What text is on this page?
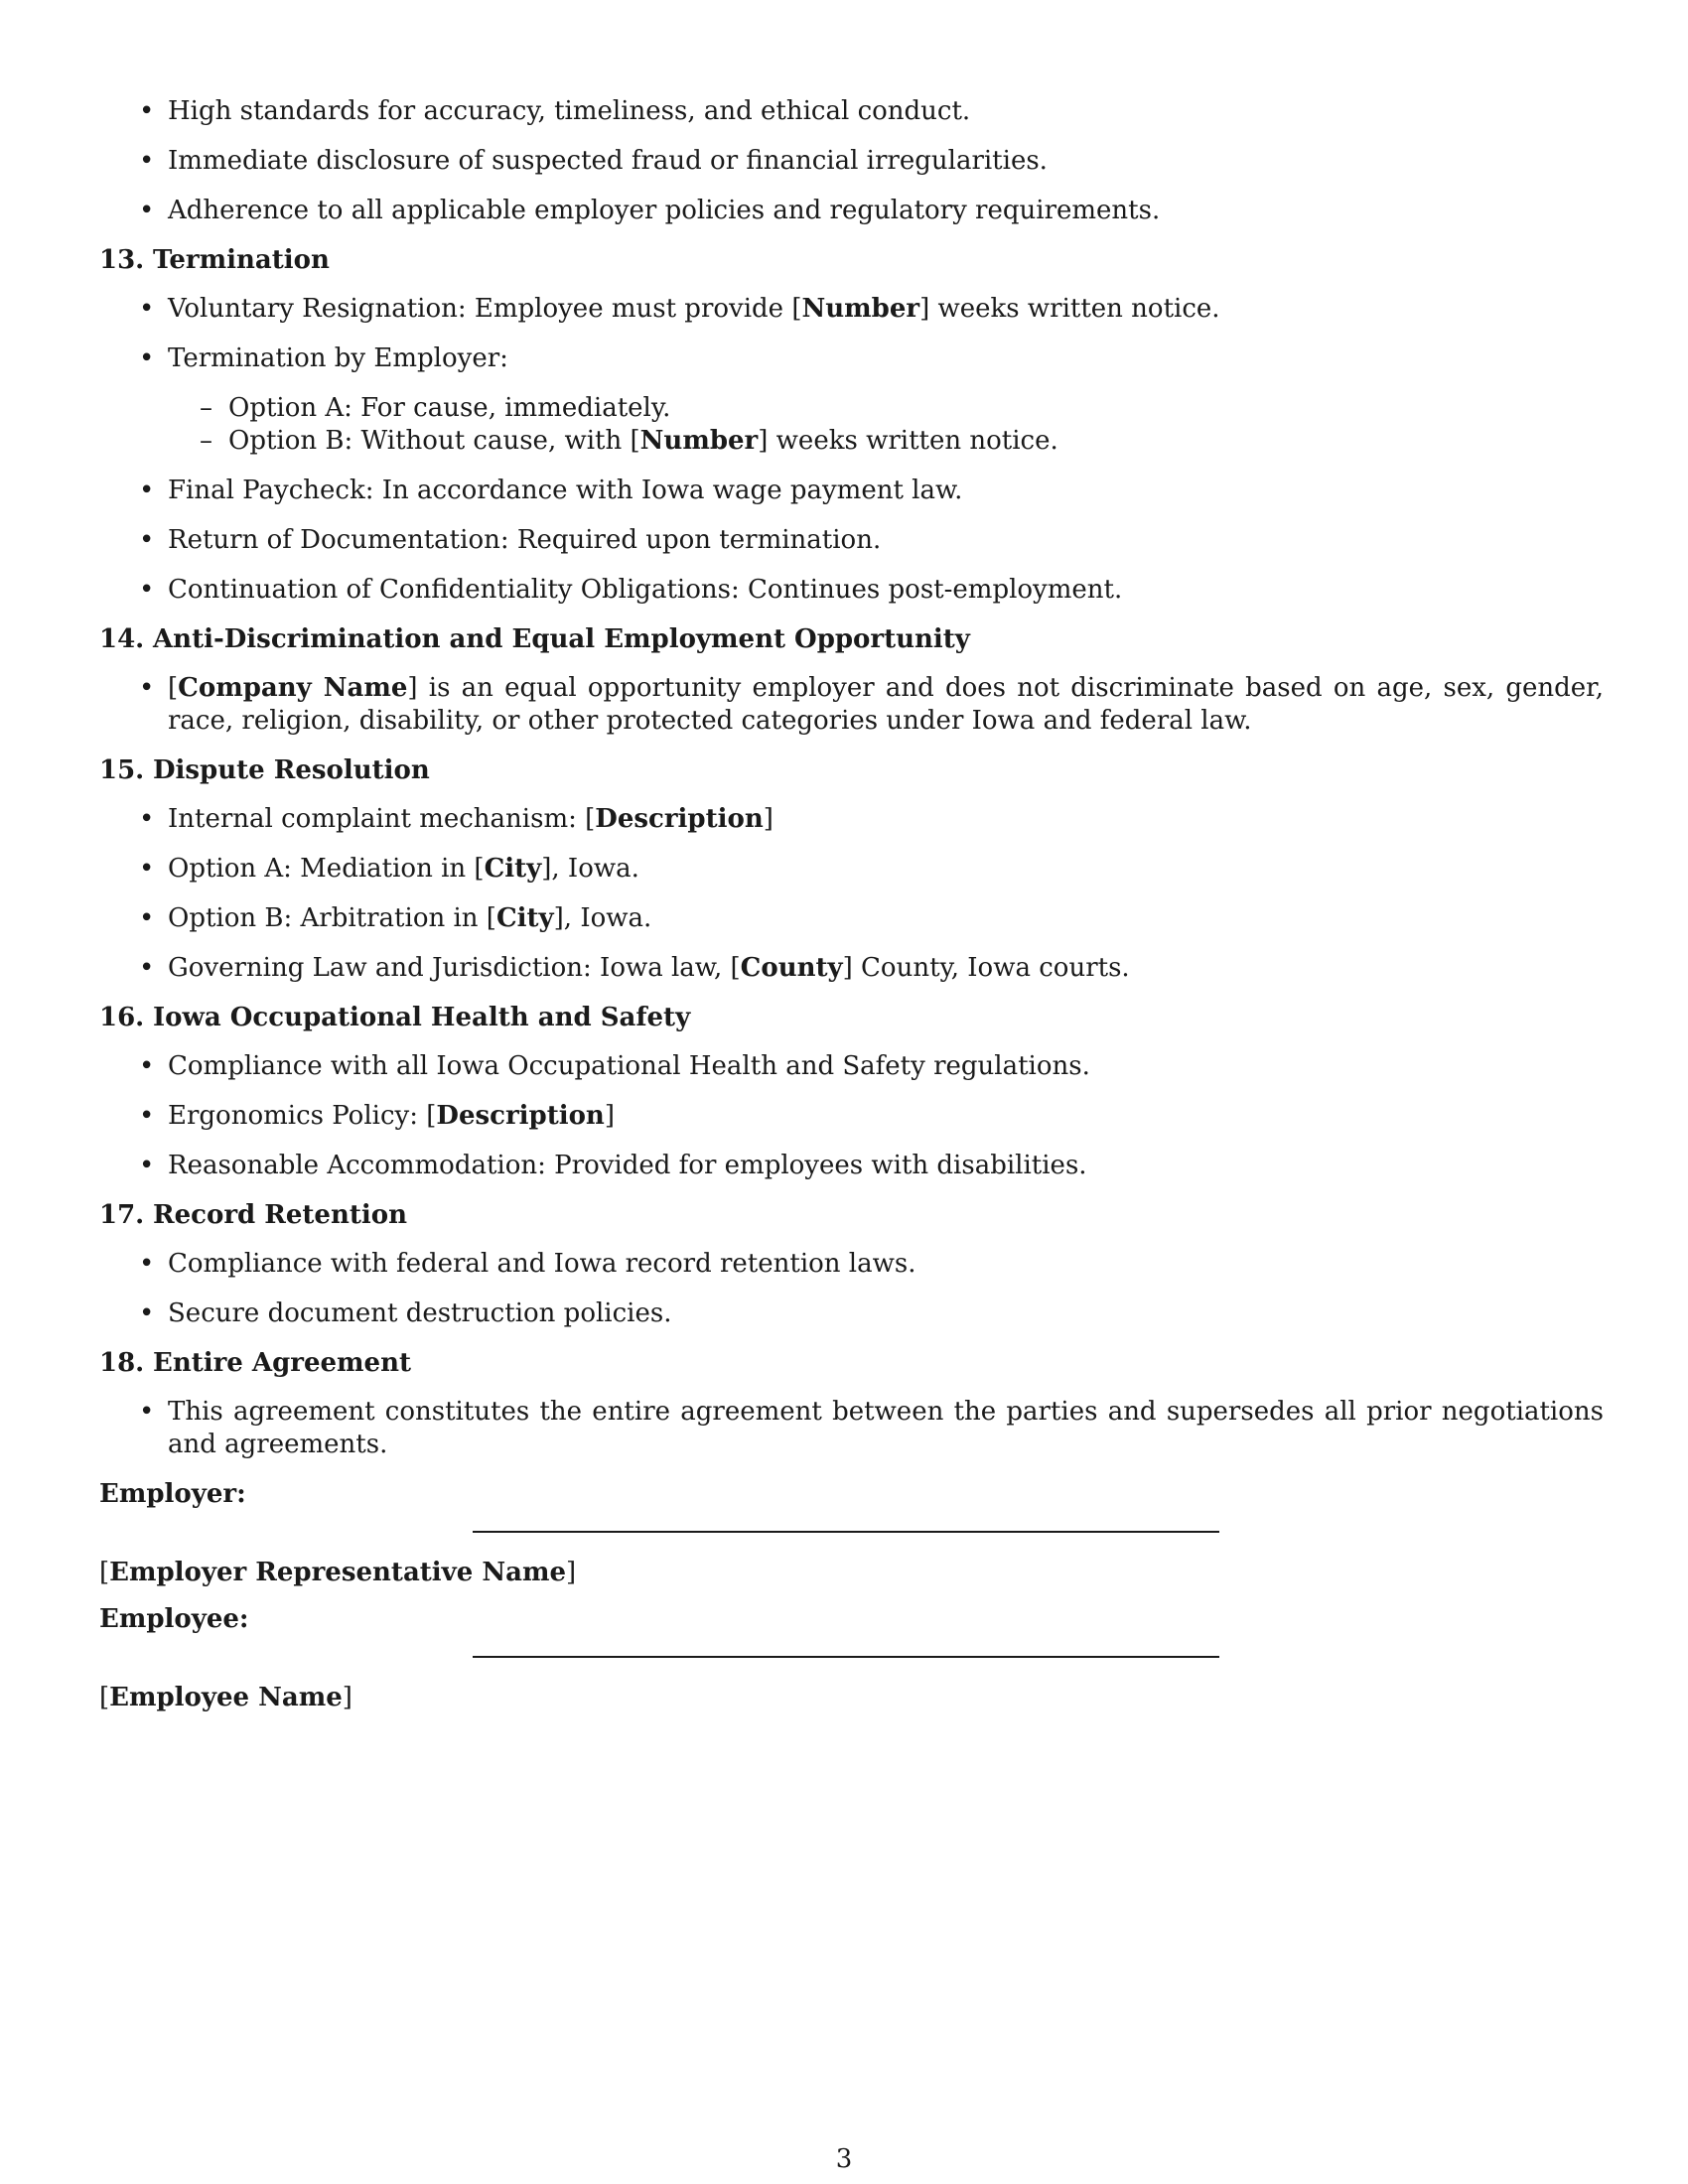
• High standards for accuracy, timeliness, and ethical conduct.
• Immediate disclosure of suspected fraud or financial irregularities.
• Adherence to all applicable employer policies and regulatory requirements.
13. Termination
• Voluntary Resignation: Employee must provide [Number] weeks written notice.
• Termination by Employer:
– Option A: For cause, immediately.
– Option B: Without cause, with [Number] weeks written notice.
• Final Paycheck: In accordance with Iowa wage payment law.
• Return of Documentation: Required upon termination.
• Continuation of Confidentiality Obligations: Continues post-employment.
14. Anti-Discrimination and Equal Employment Opportunity
• [Company Name] is an equal opportunity employer and does not discriminate based on age, sex, gender, race, religion, disability, or other protected categories under Iowa and federal law.
15. Dispute Resolution
• Internal complaint mechanism: [Description]
• Option A: Mediation in [City], Iowa.
• Option B: Arbitration in [City], Iowa.
• Governing Law and Jurisdiction: Iowa law, [County] County, Iowa courts.
16. Iowa Occupational Health and Safety
• Compliance with all Iowa Occupational Health and Safety regulations.
• Ergonomics Policy: [Description]
• Reasonable Accommodation: Provided for employees with disabilities.
17. Record Retention
• Compliance with federal and Iowa record retention laws.
• Secure document destruction policies.
18. Entire Agreement
• This agreement constitutes the entire agreement between the parties and supersedes all prior negotiations and agreements.
Employer:
[Employer Representative Name]
Employee:
[Employee Name]
3
